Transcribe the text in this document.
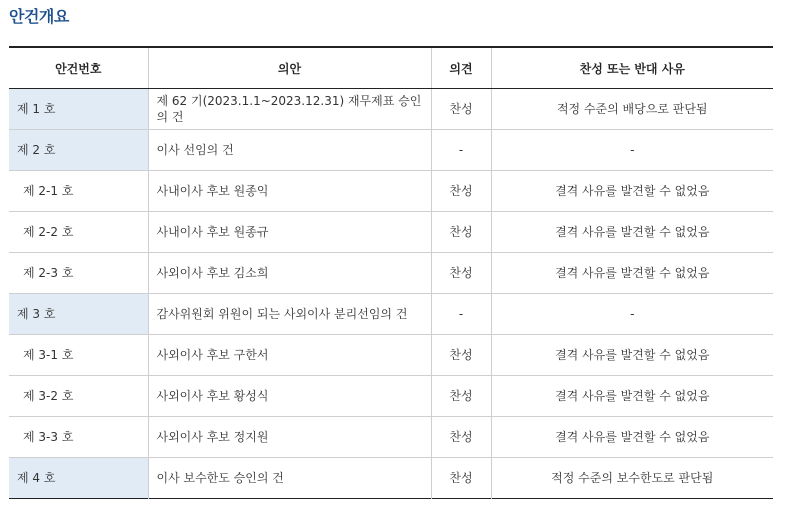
안건개요
안건번호	의안	의견	찬성 또는 반대 사유
제 1 호	제 62 기(2023.1.1~2023.12.31) 재무제표 승인의 건	찬성	적정 수준의 배당으로 판단됨
제 2 호	이사 선임의 건	-	-
제 2-1 호	사내이사 후보 원종익	찬성	결격 사유를 발견할 수 없었음
제 2-2 호	사내이사 후보 원종규	찬성	결격 사유를 발견할 수 없었음
제 2-3 호	사외이사 후보 김소희	찬성	결격 사유를 발견할 수 없었음
제 3 호	감사위원회 위원이 되는 사외이사 분리선임의 건	-	-
제 3-1 호	사외이사 후보 구한서	찬성	결격 사유를 발견할 수 없었음
제 3-2 호	사외이사 후보 황성식	찬성	결격 사유를 발견할 수 없었음
제 3-3 호	사외이사 후보 정지원	찬성	결격 사유를 발견할 수 없었음
제 4 호	이사 보수한도 승인의 건	찬성	적정 수준의 보수한도로 판단됨
